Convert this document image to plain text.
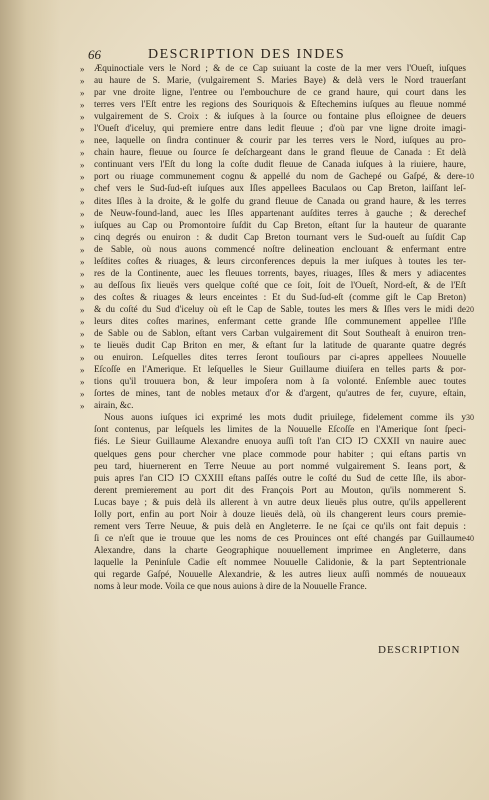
66	DESCRIPTION DES INDES
»
»
»
»
»
»
»
»
»
»
»
»
»
»
»
»
»
»
»
»
»
»
»
»
»
»
»
»
»
Æquinoctiale vers le Nord ; & de ce Cap suiuant la coste de la mer vers l'Oueſt, iuſques
au haure de S. Marie, (vulgairement S. Maries Baye) & delà vers le Nord trauerſant
par vne droite ligne, l'entree ou l'embouchure de ce grand haure, qui court dans les
terres vers l'Eſt entre les regions des Souriquois & Eſtechemins iuſques au fleuue nommé
vulgairement de S. Croix : & iuſques à la ſource ou fontaine plus eſloignee de deuers
l'Oueſt d'iceluy, qui premiere entre dans ledit fleuue ; d'où par vne ligne droite imagi-
nee, laquelle on ſindra continuer & courir par les terres vers le Nord, iuſques au pro-
chain haure, fleuue ou ſource ſe deſchargeant dans le grand fleuue de Canada : Et delà
continuant vers l'Eſt du long la coſte dudit fleuue de Canada iuſques à la riuiere, haure,
port ou riuage communement cognu & appellé du nom de Gachepé ou Gaſpé, & dere-
chef vers le Sud-ſud-eſt iuſques aux Iſles appellees Baculaos ou Cap Breton, laiſſant leſ-
dites Iſles à la droite, & le golfe du grand fleuue de Canada ou grand haure, & les terres
de Neuw-found-land, auec les Iſles appartenant auſdites terres à gauche ; & derechef
iuſques au Cap ou Promontoire ſuſdit du Cap Breton, eſtant ſur la hauteur de quarante
cinq degrés ou enuiron : & dudit Cap Breton tournant vers le Sud-oueſt au ſuſdit Cap
de Sable, où nous auons commencé noſtre delineation enclouant & enfermant entre
leſdites coſtes & riuages, & leurs circonferences depuis la mer iuſques à toutes les ter-
res de la Continente, auec les fleuues torrents, bayes, riuages, Iſles & mers y adiacentes
au deſſous ſix lieuës vers quelque coſté que ce ſoit, ſoit de l'Oueſt, Nord-eſt, & de l'Eſt
des coſtes & riuages & leurs enceintes : Et du Sud-ſud-eſt (comme giſt le Cap Breton)
& du coſté du Sud d'iceluy où eſt le Cap de Sable, toutes les mers & Iſles vers le midi de
leurs dites coſtes marines, enfermant cette grande Iſle communement appellee l'Iſle
de Sable ou de Sablon, eſtant vers Carban vulgairement dit Sout Southeaſt à enuiron tren-
te lieuës dudit Cap Briton en mer, & eſtant ſur la latitude de quarante quatre degrés
ou enuiron. Leſquelles dites terres ſeront touſiours par ci-apres appellees Nouuelle
Eſcoſſe en l'Amerique. Et leſquelles le Sieur Guillaume diuiſera en telles parts & por-
tions qu'il trouuera bon, & leur impoſera nom à ſa volonté. Enſemble auec toutes
ſortes de mines, tant de nobles metaux d'or & d'argent, qu'autres de fer, cuyure, eſtain,
airain, &c.
Nous auons iuſques ici exprimé les mots dudit priuilege, fidelement comme ils y
ſont contenus, par leſquels les limites de la Nouuelle Eſcoſſe en l'Amerique ſont ſpeci-
fiés. Le Sieur Guillaume Alexandre enuoya auſſi toſt l'an CIↃ IↃ CXXII vn nauire auec
quelques gens pour chercher vne place commode pour habiter ; qui eſtans partis vn
peu tard, hiuernerent en Terre Neuue au port nommé vulgairement S. Ieans port, &
puis apres l'an CIↃ IↃ CXXIII eſtans paſſés outre le coſté du Sud de cette Iſle, ils abor-
derent premierement au port dit des François Port au Mouton, qu'ils nommerent S.
Lucas baye ; & puis delà ils allerent à vn autre deux lieuës plus outre, qu'ils appellerent
Iolly port, enfin au port Noir à douze lieuës delà, où ils changerent leurs cours premie-
rement vers Terre Neuue, & puis delà en Angleterre. Ie ne ſçai ce qu'ils ont fait depuis :
ſi ce n'eſt que ie trouue que les noms de ces Prouinces ont eſté changés par Guillaume
Alexandre, dans la charte Geographique nouuellement imprimee en Angleterre, dans
laquelle la Peninſule Cadie eſt nommee Nouuelle Calidonie, & la part Septentrionale
qui regarde Gaſpé, Nouuelle Alexandrie, & les autres lieux auſſi nommés de nouueaux
noms à leur mode. Voila ce que nous auions à dire de la Nouuelle France.
10
20
30
40
DESCRIPTION
